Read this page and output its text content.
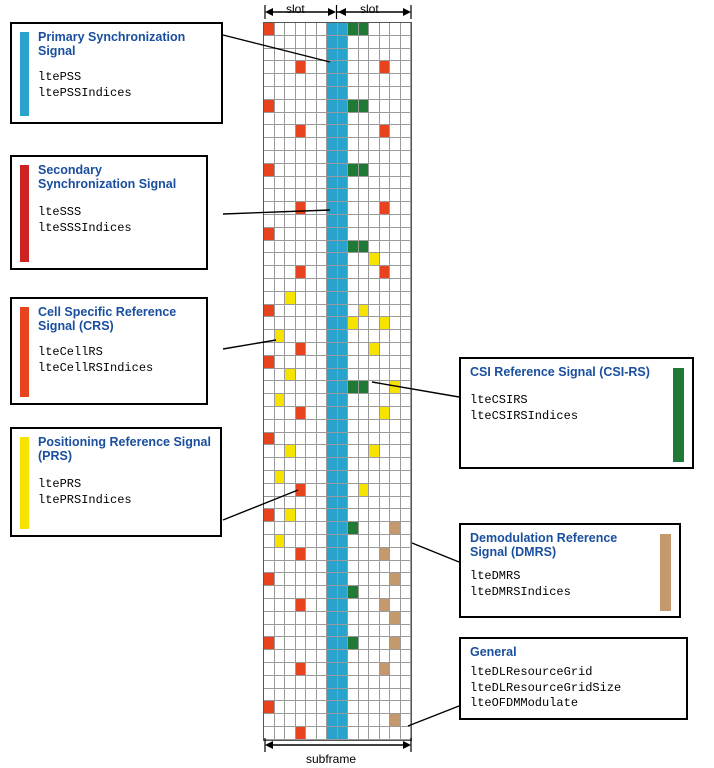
slot	slot
subframe
Primary Synchronization Signal
ltePSS
ltePSSIndices
Secondary Synchronization Signal
lteSSS
lteSSSIndices
Cell Specific Reference Signal (CRS)
lteCellRS
lteCellRSIndices
Positioning Reference Signal (PRS)
ltePRS
ltePRSIndices
CSI Reference Signal (CSI-RS)
lteCSIRS
lteCSIRSIndices
Demodulation Reference Signal (DMRS)
lteDMRS
lteDMRSIndices
General
lteDLResourceGrid
lteDLResourceGridSize
lteOFDMModulate
